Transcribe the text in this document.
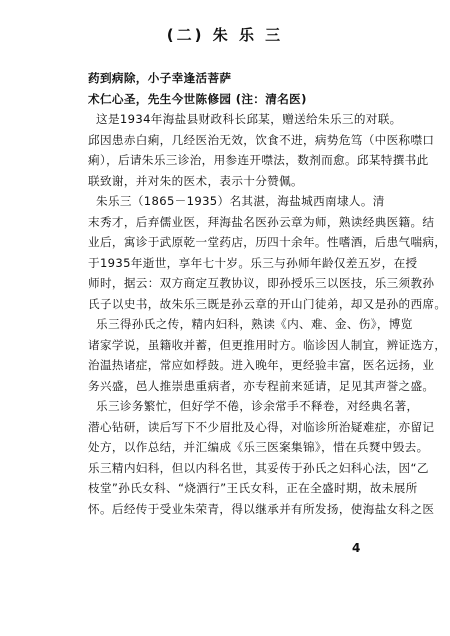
(二) 朱 乐 三
药到病除，小子幸逢活菩萨
术仁心圣，先生今世陈修园 (注：清名医)
这是1934年海盐县财政科长邱某，赠送给朱乐三的对联。
邱因患赤白痢，几经医治无效，饮食不进，病势危笃（中医称噤口
痢），后请朱乐三诊治，用参连开噤法，数剂而愈。邱某特撰书此
联致谢，并对朱的医术，表示十分赞佩。
朱乐三（1865－1935）名其湛，海盐城西南埭人。清
末秀才，后弃儒业医，拜海盐名医孙云章为师，熟读经典医籍。结
业后，寓诊于武原乾一堂药店，历四十余年。性嗜酒，后患气喘病，
于1935年逝世，享年七十岁。乐三与孙师年龄仅差五岁，在授
师时，据云：双方商定互教协议，即孙授乐三以医技，乐三须教孙
氏子以史书，故朱乐三既是孙云章的开山门徒弟，却又是孙的西席。
乐三得孙氏之传，精内妇科，熟读《内、难、金、伤》，博览
诸家学说，虽籍收并蓄，但更推用时方。临诊因人制宜，辨证选方，
治温热诸症，常应如桴鼓。进入晚年，更经验丰富，医名远扬，业
务兴盛，邑人推崇患重病者，亦专程前来延请，足见其声誉之盛。
乐三诊务繁忙，但好学不倦，诊余常手不释卷，对经典名著，
潜心钻研，读后写下不少眉批及心得，对临诊所治疑难症，亦留记
处方，以作总结，并汇编成《乐三医案集锦》，惜在兵燹中毁去。
乐三精内妇科，但以内科名世，其妥传于孙氏之妇科心法，因“乙
枝堂”孙氏女科、“烧酒行”王氏女科，正在全盛时期，故未展所
怀。后经传于受业朱荣青，得以继承并有所发扬，使海盐女科之医
4
